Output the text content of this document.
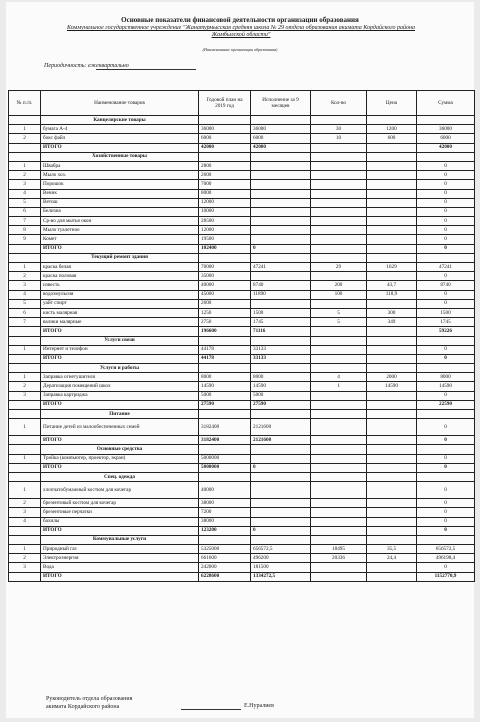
Основные показатели финансовой деятельности организации образования
Коммунальное государственное учреждение "Жанатурмысская средняя школа № 29 отдела образования акимата Кордайского района Жамбылской области"
(Наименование организации образования)
Периодичность: ежеквартально
№ п./п.	Наименование товаров	Годовой план на 2019 год	Исполнение за 9 месяцев	Кол-во	Цена	Сумма
	Канцелярские товары					
1	бумага А-4	36000	36000	30	1200	36000
2	бокс файл	6000	6000	10	600	6000
	ИТОГО	42000	42000			42000
	Хозяйственные товары					
1	Швабра	2800				0
2	Мыло хоз.	2600				0
3	Порошок	7000				0
4	Веник	8000				0
5	Ветош	12000				0
6	Белизна	10000				0
7	Ср-во для мытья окон	28500				0
8	Мыло туалетное	12000				0
9	Комет	19500				0
	ИТОГО	102400	0			0
	Текущий ремонт здания					
1	краска белая	70000	47241	29	1629	47241
2	краска половая	35000				0
3	известь	40000	8740	200	43,7	8740
4	водоэмульсия	45000	11890	100	118,9	0
5	уайт спирт	2600				0
6	кисть малярная	1250	1500	5	300	1500
7	валики малярные	2750	1745	5	349	1745
	ИТОГО	196600	71116			59226
	Услуги связи					
1	Интернет и телефон	44178	33133			0
	ИТОГО	44178	33133			0
	Услуги и работы					
1	Заправка огнетушителя	8000	8000	4	2000	8000
2	Дератизация помещений школ	14590	14590	1	14590	14590
3	Заправка картриджа	5000	5000			0
	ИТОГО	27590	27590			22590
	Питание					
1	Питание детей из малообеспеченных семей	3182400	2121600			0
	ИТОГО	3182400	2121600			0
	Основные средства					
1	Тройка (компьютер, проектор, экран)	5000000				0
	ИТОГО	5000000	0			0
	Спец. одежда					
1	хлопчатобумажный костюм для кочегар	40000				0
2	брезентовый костюм для кочегар	38000				0
3	брезентовые перчатки	7200				0
4	бахилы	38000				0
	ИТОГО	123200	0			0
	Коммунальные услуги					
1	Природный газ	5325000	656572,5	18495	35,5	656572,5
2	Электроэнергия	661600	496200	20336	24,4	496198,4
3	Вода	242000	181500			0
	ИТОГО	6228600	1334272,5			1152770,9
Руководитель отдела образования
акимата Кордайского района	Е.Нуралиев
